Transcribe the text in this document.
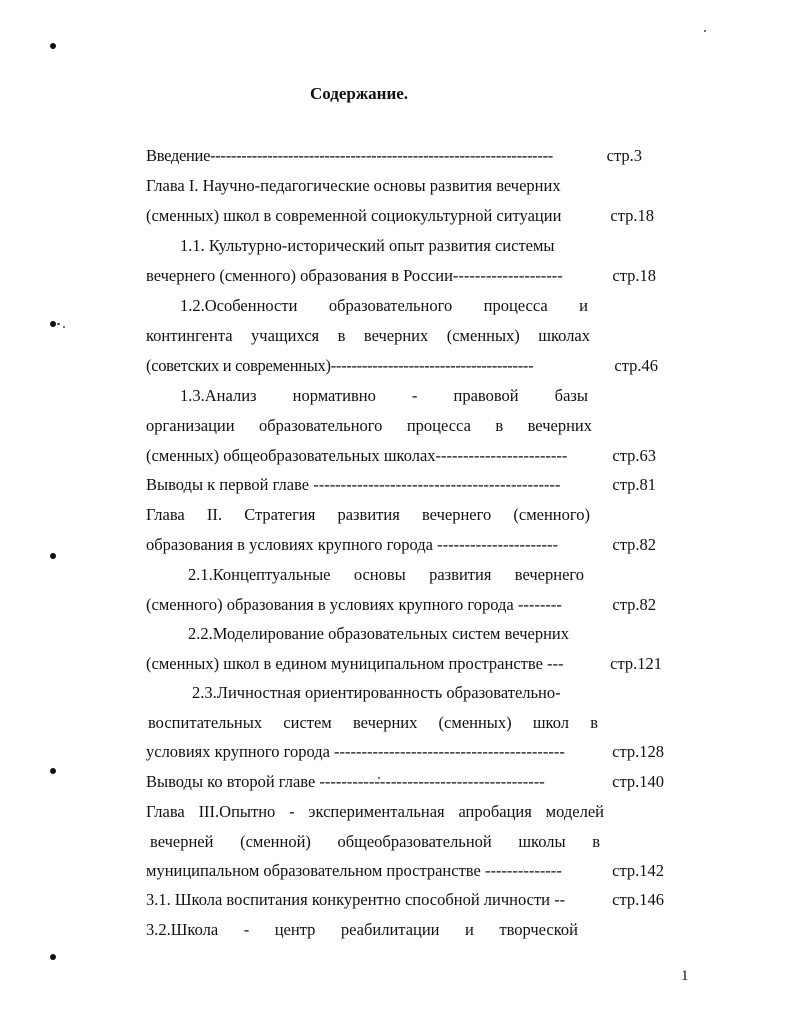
Содержание.
Введение------------------------------------------------------------------	стр.3
Глава I. Научно-педагогические основы развития вечерних
(сменных) школ в современной социокультурной ситуации	стр.18
1.1. Культурно-исторический опыт развития системы
вечернего (сменного) образования в России--------------------	стр.18
1.2.Особенности образовательного процесса и
контингента учащихся в вечерних (сменных) школах
(советских и современных)---------------------------------------	стр.46
1.3.Анализ нормативно - правовой базы
организации образовательного процесса в вечерних
(сменных) общеобразовательных школах------------------------	стр.63
Выводы к первой главе ---------------------------------------------	стр.81
Глава II. Стратегия развития вечернего (сменного)
образования в условиях крупного города ----------------------	стр.82
2.1.Концептуальные основы развития вечернего
(сменного) образования в условиях крупного города --------	стр.82
2.2.Моделирование образовательных систем вечерних
(сменных) школ в едином муниципальном пространстве ---	стр.121
2.3.Личностная ориентированность образовательно-
воспитательных систем вечерних (сменных) школ в
условиях крупного города ------------------------------------------	стр.128
Выводы ко второй главе -----------------------------------------	стр.140
Глава III.Опытно - экспериментальная апробация моделей
вечерней (сменной) общеобразовательной школы в
муниципальном образовательном пространстве --------------	стр.142
3.1. Школа воспитания конкурентно способной личности --	стр.146
3.2.Школа - центр реабилитации и творческой
1
